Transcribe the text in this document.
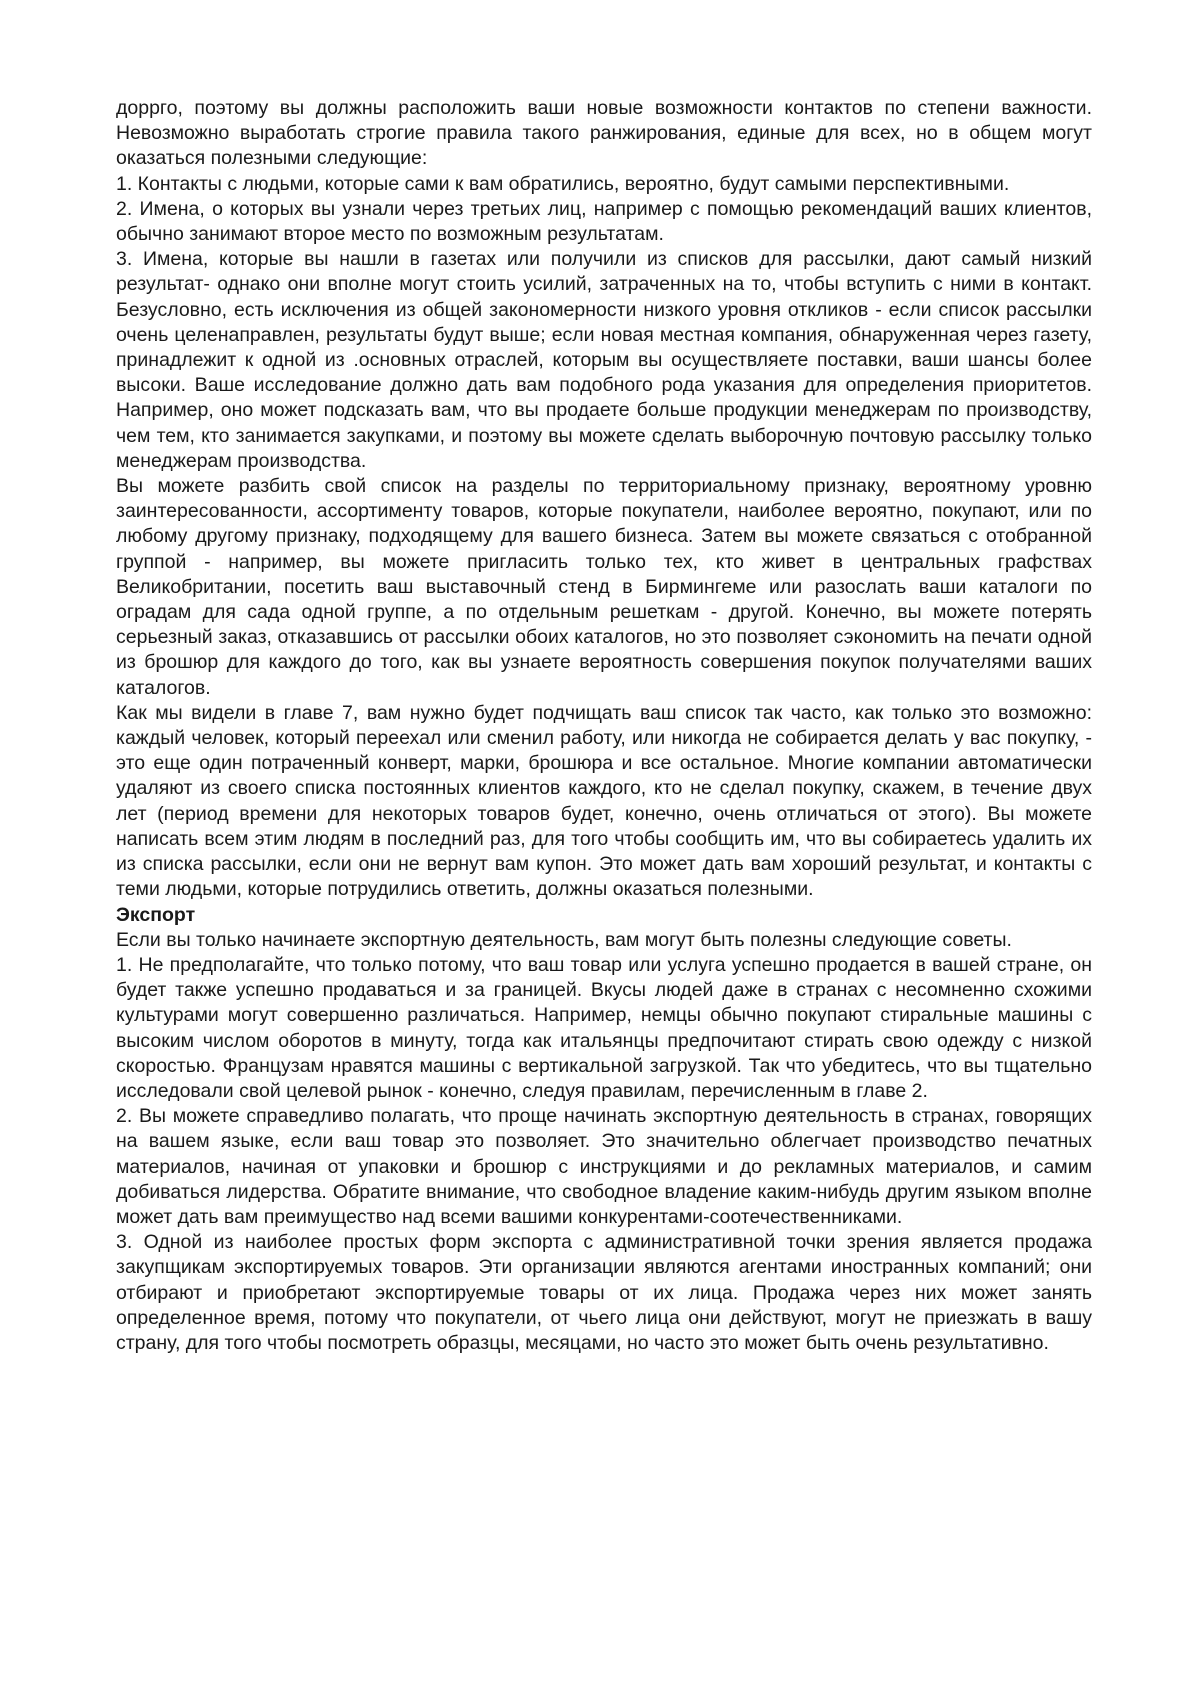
доррго, поэтому вы должны расположить ваши новые возможности контактов по степени важности. Невозможно выработать строгие правила такого ранжирования, единые для всех, но в общем могут оказаться полезными следующие:

1. Контакты с людьми, которые сами к вам обратились, вероятно, будут самыми перспективными.

2. Имена, о которых вы узнали через третьих лиц, например с помощью рекомендаций ваших клиентов, обычно занимают второе место по возможным результатам.

3. Имена, которые вы нашли в газетах или получили из списков для рассылки, дают самый низкий результат- однако они вполне могут стоить усилий, затраченных на то, чтобы вступить с ними в контакт. Безусловно, есть исключения из общей закономерности низкого уровня откликов - если список рассылки очень целенаправлен, результаты будут выше; если новая местная компания, обнаруженная через газету, принадлежит к одной из .основных отраслей, которым вы осуществляете поставки, ваши шансы более высоки. Ваше исследование должно дать вам подобного рода указания для определения приоритетов. Например, оно может подсказать вам, что вы продаете больше продукции менеджерам по производству, чем тем, кто занимается закупками, и поэтому вы можете сделать выборочную почтовую рассылку только менеджерам производства.

Вы можете разбить свой список на разделы по территориальному признаку, вероятному уровню заинтересованности, ассортименту товаров, которые покупатели, наиболее вероятно, покупают, или по любому другому признаку, подходящему для вашего бизнеса. Затем вы можете связаться с отобранной группой - например, вы можете пригласить только тех, кто живет в центральных графствах Великобритании, посетить ваш выставочный стенд в Бирмингеме или разослать ваши каталоги по оградам для сада одной группе, а по отдельным решеткам - другой. Конечно, вы можете потерять серьезный заказ, отказавшись от рассылки обоих каталогов, но это позволяет сэкономить на печати одной из брошюр для каждого до того, как вы узнаете вероятность совершения покупок получателями ваших каталогов.

Как мы видели в главе 7, вам нужно будет подчищать ваш список так часто, как только это возможно: каждый человек, который переехал или сменил работу, или никогда не собирается делать у вас покупку, - это еще один потраченный конверт, марки, брошюра и все остальное. Многие компании автоматически удаляют из своего списка постоянных клиентов каждого, кто не сделал покупку, скажем, в течение двух лет (период времени для некоторых товаров будет, конечно, очень отличаться от этого). Вы можете написать всем этим людям в последний раз, для того чтобы сообщить им, что вы собираетесь удалить их из списка рассылки, если они не вернут вам купон. Это может дать вам хороший результат, и контакты с теми людьми, которые потрудились ответить, должны оказаться полезными.

Экспорт

Если вы только начинаете экспортную деятельность, вам могут быть полезны следующие советы.

1. Не предполагайте, что только потому, что ваш товар или услуга успешно продается в вашей стране, он будет также успешно продаваться и за границей. Вкусы людей даже в странах с несомненно схожими культурами могут совершенно различаться. Например, немцы обычно покупают стиральные машины с высоким числом оборотов в минуту, тогда как итальянцы предпочитают стирать свою одежду с низкой скоростью. Французам нравятся машины с вертикальной загрузкой. Так что убедитесь, что вы тщательно исследовали свой целевой рынок - конечно, следуя правилам, перечисленным в главе 2.

2. Вы можете справедливо полагать, что проще начинать экспортную деятельность в странах, говорящих на вашем языке, если ваш товар это позволяет. Это значительно облегчает производство печатных материалов, начиная от упаковки и брошюр с инструкциями и до рекламных материалов, и самим добиваться лидерства. Обратите внимание, что свободное владение каким-нибудь другим языком вполне может дать вам преимущество над всеми вашими конкурентами-соотечественниками.

3. Одной из наиболее простых форм экспорта с административной точки зрения является продажа закупщикам экспортируемых товаров. Эти организации являются агентами иностранных компаний; они отбирают и приобретают экспортируемые товары от их лица. Продажа через них может занять определенное время, потому что покупатели, от чьего лица они действуют, могут не приезжать в вашу страну, для того чтобы посмотреть образцы, месяцами, но часто это может быть очень результативно.
